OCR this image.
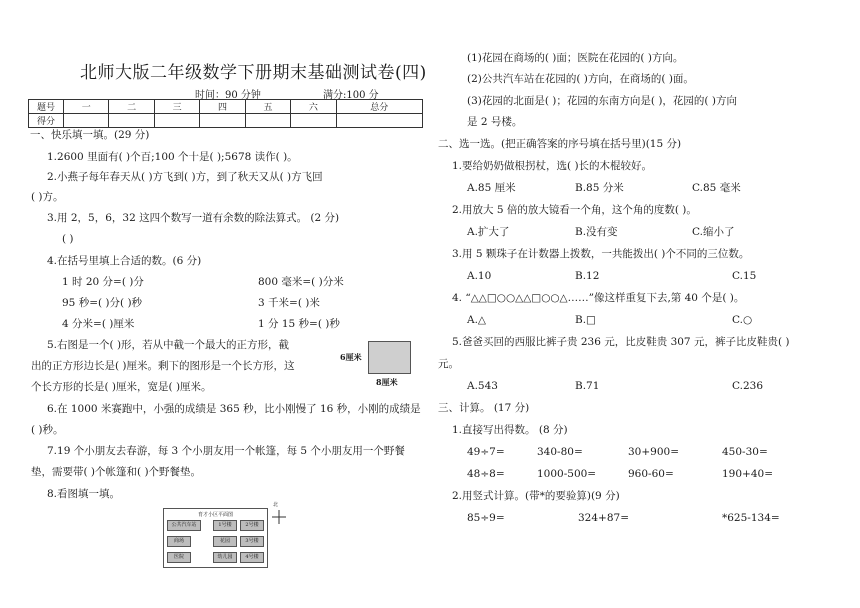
北师大版二年级数学下册期末基础测试卷(四)
时间：90 分钟	满分:100 分
题号	一	二	三	四	五	六	总分
得分							
一、快乐填一填。(29 分)
1.2600 里面有( )个百;100 个十是( );5678 读作( )。
2.小燕子每年春天从( )方飞到( )方，到了秋天又从( )方飞回
( )方。
3.用 2，5，6，32 这四个数写一道有余数的除法算式。 (2 分)
( )
4.在括号里填上合适的数。(6 分)
1 时 20 分=( )分	800 毫米=( )分米
95 秒=( )分( )秒	3 千米=( )米
4 分米=( )厘米	1 分 15 秒=( )秒
5.右图是一个( )形，若从中截一个最大的正方形，截
出的正方形边长是( )厘米。剩下的图形是一个长方形，这
个长方形的长是( )厘米，宽是( )厘米。
6厘米
8厘米
6.在 1000 米赛跑中，小强的成绩是 365 秒，比小刚慢了 16 秒，小刚的成绩是
( )秒。
7.19 个小朋友去春游，每 3 个小朋友用一个帐篷，每 5 个小朋友用一个野餐
垫，需要带( )个帐篷和( )个野餐垫。
8.看图填一填。
育才小区平面图
公共汽车站	1号楼	2号楼
商场	花园	3号楼
医院	幼儿园	4号楼
北
(1)花园在商场的( )面；医院在花园的( )方向。
(2)公共汽车站在花园的( )方向，在商场的( )面。
(3)花园的北面是( )；花园的东南方向是( )，花园的( )方向
是 2 号楼。
二、选一选。(把正确答案的序号填在括号里)(15 分)
1.要给奶奶做根拐杖，选( )长的木棍较好。
A.85 厘米	B.85 分米	C.85 毫米
2.用放大 5 倍的放大镜看一个角，这个角的度数( )。
A.扩大了	B.没有变	C.缩小了
3.用 5 颗珠子在计数器上拨数，一共能拨出( )个不同的三位数。
A.10	B.12	C.15
4. “△△□○○△△□○○△……”像这样重复下去,第 40 个是( )。
A.△	B.□	C.○
5.爸爸买回的西服比裤子贵 236 元，比皮鞋贵 307 元，裤子比皮鞋贵( )
元。
A.543	B.71	C.236
三、计算。 (17 分)
1.直接写出得数。 (8 分)
49÷7=	340-80=	30+900=	450-30=
48÷8=	1000-500=	960-60=	190+40=
2.用竖式计算。(带*的要验算)(9 分)
85÷9=	324+87=	*625-134=
